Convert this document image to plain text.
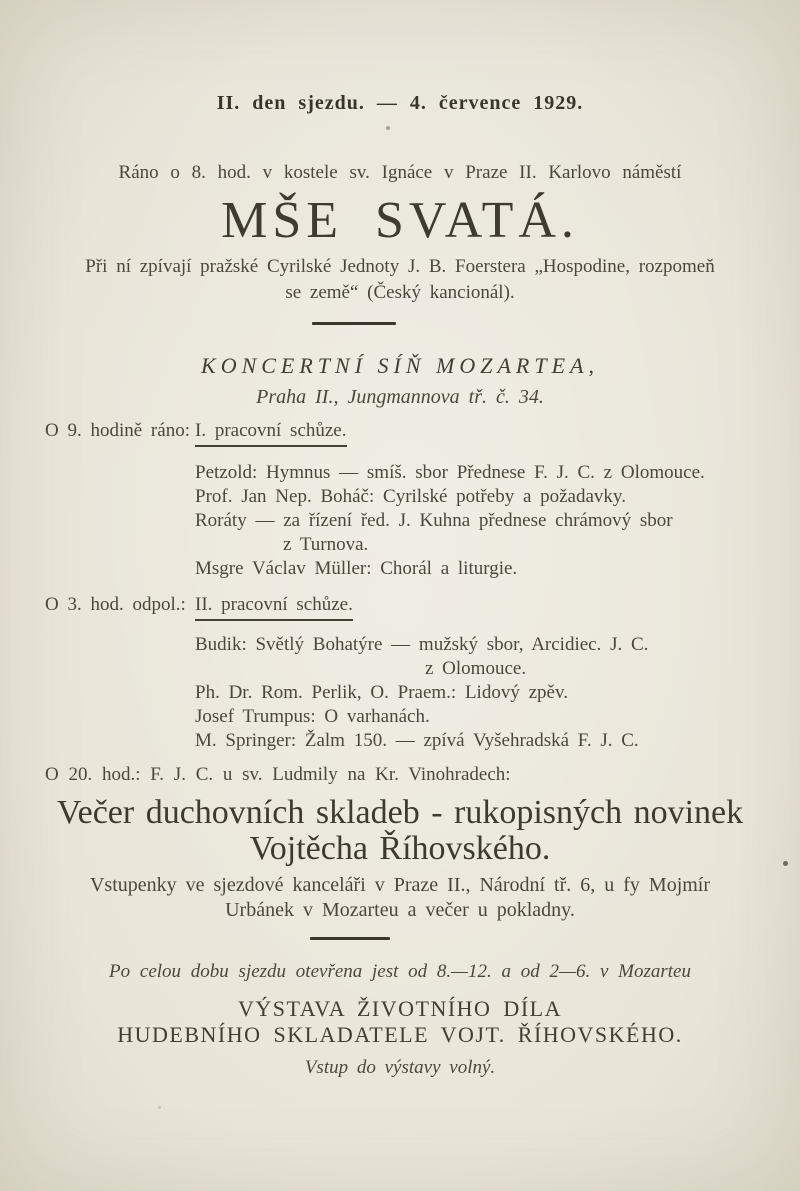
II. den sjezdu. — 4. července 1929.
Ráno o 8. hod. v kostele sv. Ignáce v Praze II. Karlovo náměstí
MŠE SVATÁ.
Při ní zpívají pražské Cyrilské Jednoty J. B. Foerstera „Hospodine, rozpomeň
se země“ (Český kancionál).
KONCERTNÍ SÍŇ MOZARTEA,
Praha II., Jungmannova tř. č. 34.
O 9. hodině ráno: I. pracovní schůze.
Petzold: Hymnus — smíš. sbor Přednese F. J. C. z Olomouce.
Prof. Jan Nep. Boháč: Cyrilské potřeby a požadavky.
Roráty — za řízení řed. J. Kuhna přednese chrámový sbor
z Turnova.
Msgre Václav Müller: Chorál a liturgie.
O 3. hod. odpol.: II. pracovní schůze.
Budik: Světlý Bohatýre — mužský sbor, Arcidiec. J. C.
z Olomouce.
Ph. Dr. Rom. Perlik, O. Praem.: Lidový zpěv.
Josef Trumpus: O varhanách.
M. Springer: Žalm 150. — zpívá Vyšehradská F. J. C.
O 20. hod.: F. J. C. u sv. Ludmily na Kr. Vinohradech:
Večer duchovních skladeb - rukopisných novinek
Vojtěcha Říhovského.
Vstupenky ve sjezdové kanceláři v Praze II., Národní tř. 6, u fy Mojmír
Urbánek v Mozarteu a večer u pokladny.
Po celou dobu sjezdu otevřena jest od 8.—12. a od 2—6. v Mozarteu
VÝSTAVA ŽIVOTNÍHO DÍLA
HUDEBNÍHO SKLADATELE VOJT. ŘÍHOVSKÉHO.
Vstup do výstavy volný.
